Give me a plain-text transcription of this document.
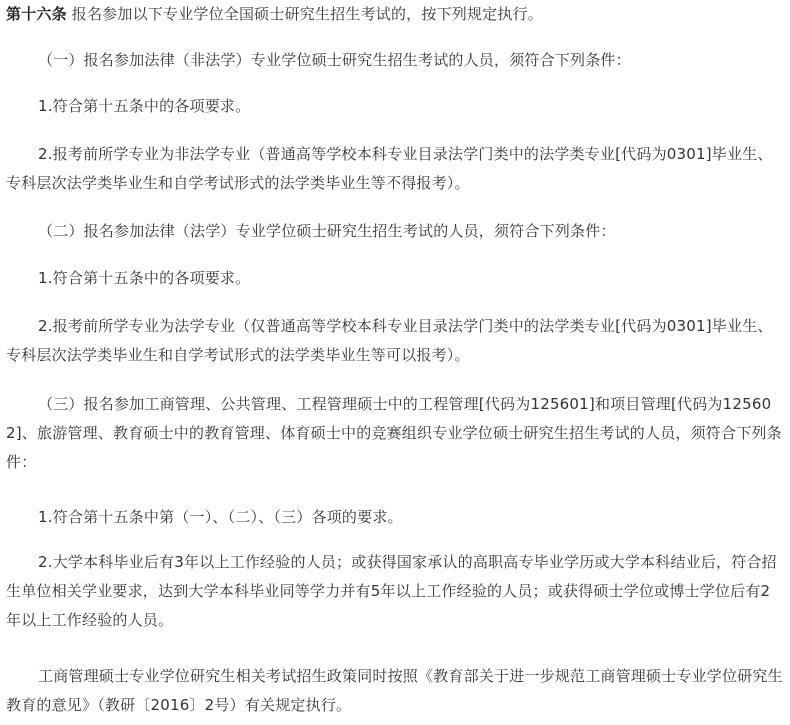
第十六条 报名参加以下专业学位全国硕士研究生招生考试的，按下列规定执行。

（一）报名参加法律（非法学）专业学位硕士研究生招生考试的人员，须符合下列条件：

1.符合第十五条中的各项要求。

2.报考前所学专业为非法学专业（普通高等学校本科专业目录法学门类中的法学类专业[代码为0301]毕业生、专科层次法学类毕业生和自学考试形式的法学类毕业生等不得报考）。

（二）报名参加法律（法学）专业学位硕士研究生招生考试的人员，须符合下列条件：

1.符合第十五条中的各项要求。

2.报考前所学专业为法学专业（仅普通高等学校本科专业目录法学门类中的法学类专业[代码为0301]毕业生、专科层次法学类毕业生和自学考试形式的法学类毕业生等可以报考）。

（三）报名参加工商管理、公共管理、工程管理硕士中的工程管理[代码为125601]和项目管理[代码为125602]、旅游管理、教育硕士中的教育管理、体育硕士中的竞赛组织专业学位硕士研究生招生考试的人员，须符合下列条件：

1.符合第十五条中第（一）、（二）、（三）各项的要求。

2.大学本科毕业后有3年以上工作经验的人员；或获得国家承认的高职高专毕业学历或大学本科结业后，符合招生单位相关学业要求，达到大学本科毕业同等学力并有5年以上工作经验的人员；或获得硕士学位或博士学位后有2年以上工作经验的人员。

工商管理硕士专业学位研究生相关考试招生政策同时按照《教育部关于进一步规范工商管理硕士专业学位研究生教育的意见》（教研〔2016〕2号）有关规定执行。
